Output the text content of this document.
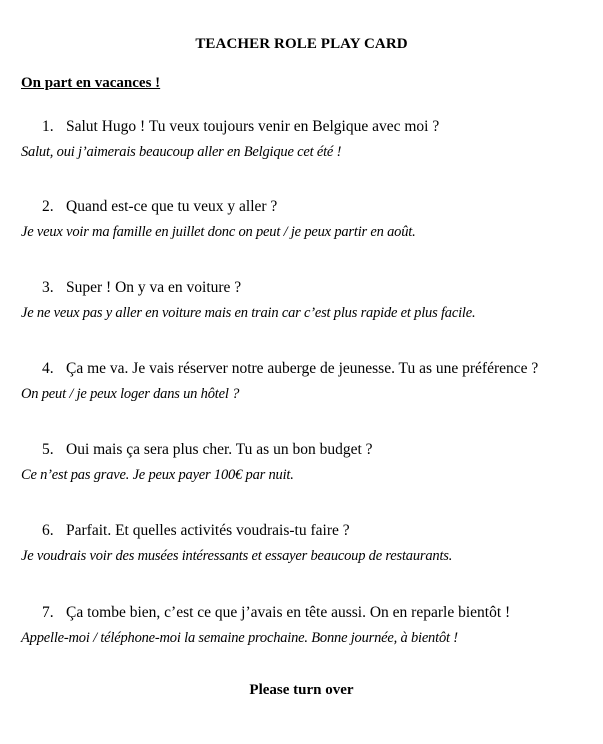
TEACHER ROLE PLAY CARD
On part en vacances !
1. Salut Hugo ! Tu veux toujours venir en Belgique avec moi ?
Salut, oui j’aimerais beaucoup aller en Belgique cet été !
2. Quand est-ce que tu veux y aller ?
Je veux voir ma famille en juillet donc on peut / je peux partir en août.
3. Super ! On y va en voiture ?
Je ne veux pas y aller en voiture mais en train car c’est plus rapide et plus facile.
4. Ça me va. Je vais réserver notre auberge de jeunesse. Tu as une préférence ?
On peut / je peux loger dans un hôtel ?
5. Oui mais ça sera plus cher. Tu as un bon budget ?
Ce n’est pas grave. Je peux payer 100€ par nuit.
6. Parfait. Et quelles activités voudrais-tu faire ?
Je voudrais voir des musées intéressants et essayer beaucoup de restaurants.
7. Ça tombe bien, c’est ce que j’avais en tête aussi. On en reparle bientôt !
Appelle-moi / téléphone-moi la semaine prochaine. Bonne journée, à bientôt !
Please turn over
